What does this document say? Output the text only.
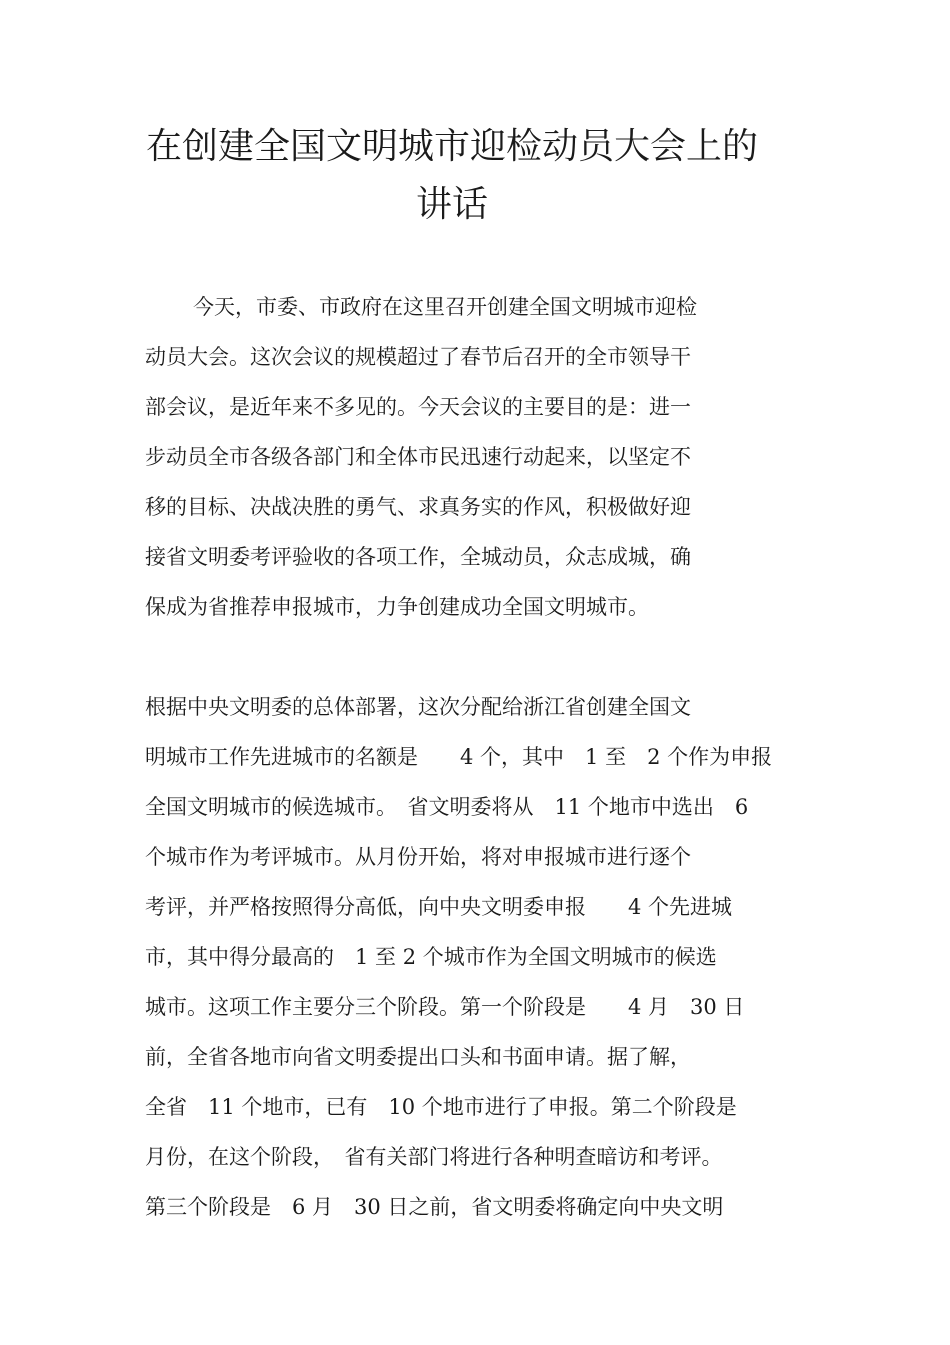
在创建全国文明城市迎检动员大会上的
讲话

今天，市委、市政府在这里召开创建全国文明城市迎检

动员大会。这次会议的规模超过了春节后召开的全市领导干

部会议，是近年来不多见的。今天会议的主要目的是：进一

步动员全市各级各部门和全体市民迅速行动起来，以坚定不

移的目标、决战决胜的勇气、求真务实的作风，积极做好迎

接省文明委考评验收的各项工作，全城动员，众志成城，确

保成为省推荐申报城市，力争创建成功全国文明城市。

根据中央文明委的总体部署，这次分配给浙江省创建全国文

明城市工作先进城市的名额是　　4 个，其中　1 至　2 个作为申报

全国文明城市的候选城市。　省文明委将从　11 个地市中选出　6

个城市作为考评城市。从月份开始，将对申报城市进行逐个

考评，并严格按照得分高低，向中央文明委申报　　4 个先进城

市，其中得分最高的　1 至 2 个城市作为全国文明城市的候选

城市。这项工作主要分三个阶段。第一个阶段是　　4 月　30 日

前，全省各地市向省文明委提出口头和书面申请。据了解，

全省　11 个地市，已有　10 个地市进行了申报。第二个阶段是

月份，在这个阶段，　省有关部门将进行各种明查暗访和考评。

第三个阶段是　6 月　30 日之前，省文明委将确定向中央文明
